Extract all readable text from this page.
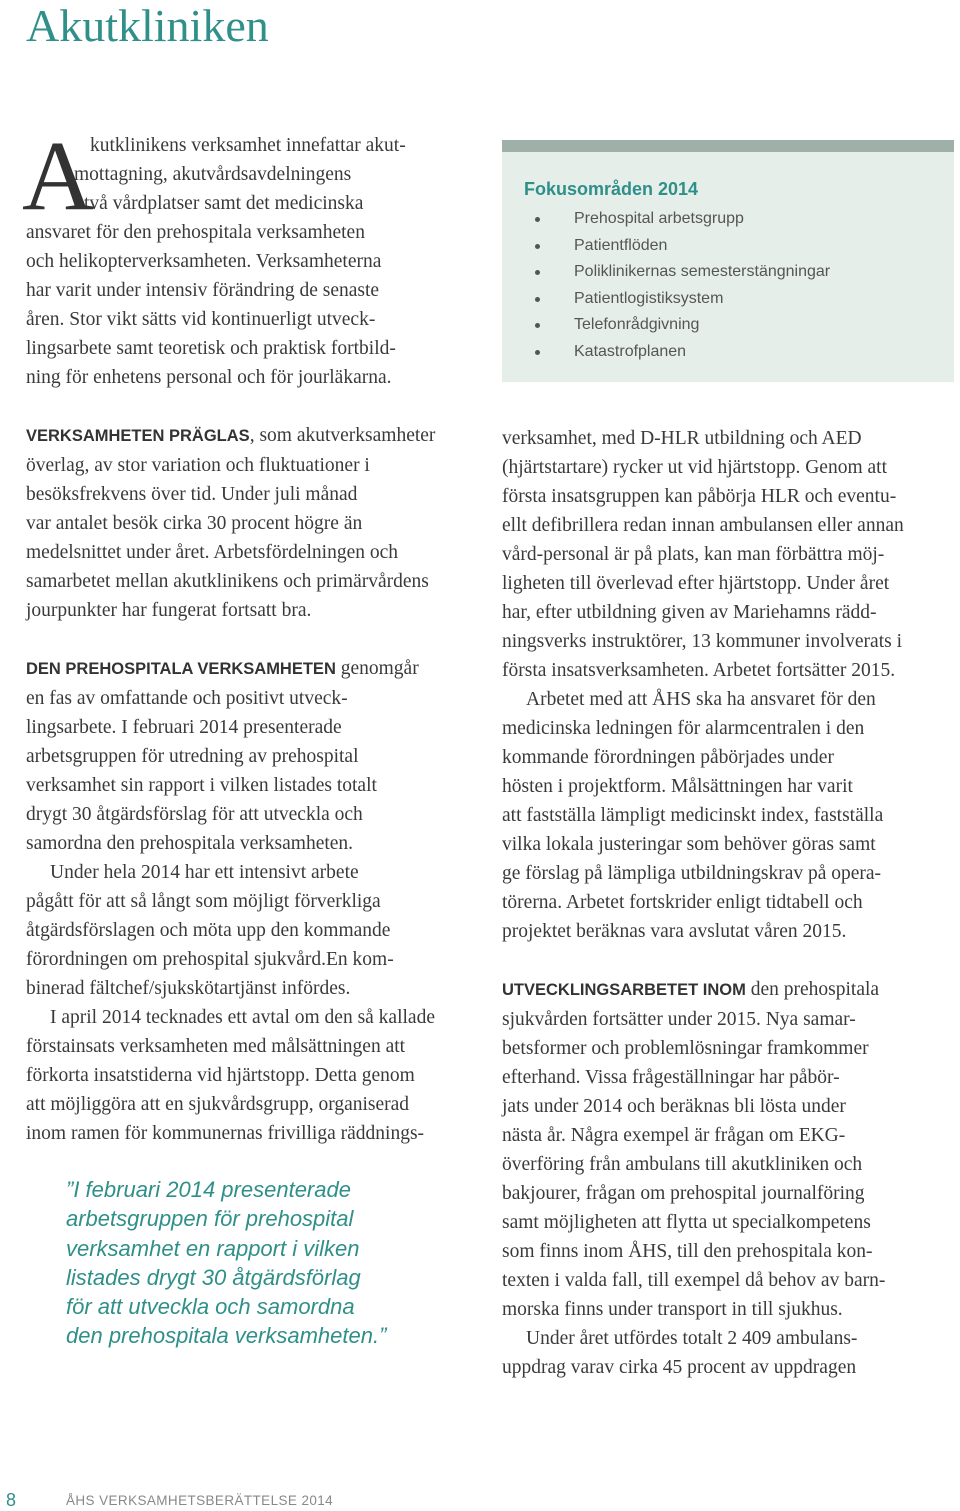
Akutkliniken
A
kutklinikens verksamhet innefattar akut-
mottagning, akutvårdsavdelningens
två vårdplatser samt det medicinska
ansvaret för den prehospitala verksamheten
och helikopterverksamheten. Verksamheterna
har varit under intensiv förändring de senaste
åren. Stor vikt sätts vid kontinuerligt utveck-
lingsarbete samt teoretisk och praktisk fortbild-
ning för enhetens personal och för jourläkarna.
Fokusområden 2014
Prehospital arbetsgrupp
Patientflöden
Poliklinikernas semesterstängningar
Patientlogistiksystem
Telefonrådgivning
Katastrofplanen

VERKSAMHETEN PRÄGLAS, som akutverksamheter
överlag, av stor variation och fluktuationer i
besöksfrekvens över tid. Under juli månad
var antalet besök cirka 30 procent högre än
medelsnittet under året. Arbetsfördelningen och
samarbetet mellan akutklinikens och primärvårdens
jourpunkter har fungerat fortsatt bra.

DEN PREHOSPITALA VERKSAMHETEN genomgår
en fas av omfattande och positivt utveck-
lingsarbete. I februari 2014 presenterade
arbetsgruppen för utredning av prehospital
verksamhet sin rapport i vilken listades totalt
drygt 30 åtgärdsförslag för att utveckla och
samordna den prehospitala verksamheten.

Under hela 2014 har ett intensivt arbete
pågått för att så långt som möjligt förverkliga
åtgärdsförslagen och möta upp den kommande
förordningen om prehospital sjukvård.En kom-
binerad fältchef/sjukskötartjänst infördes.

I april 2014 tecknades ett avtal om den så kallade
förstainsats verksamheten med målsättningen att
förkorta insatstiderna vid hjärtstopp. Detta genom
att möjliggöra att en sjukvårdsgrupp, organiserad
inom ramen för kommunernas frivilliga räddnings-

”I februari 2014 presenterade
arbetsgruppen för prehospital
verksamhet en rapport i vilken
listades drygt 30 åtgärdsförlag
för att utveckla och samordna
den prehospitala verksamheten.”

verksamhet, med D-HLR utbildning och AED
(hjärtstartare) rycker ut vid hjärtstopp. Genom att
första insatsgruppen kan påbörja HLR och eventu-
ellt defibrillera redan innan ambulansen eller annan
vård-personal är på plats, kan man förbättra möj-
ligheten till överlevad efter hjärtstopp. Under året
har, efter utbildning given av Mariehamns rädd-
ningsverks instruktörer, 13 kommuner involverats i
första insatsverksamheten. Arbetet fortsätter 2015.

Arbetet med att ÅHS ska ha ansvaret för den
medicinska ledningen för alarmcentralen i den
kommande förordningen påbörjades under
hösten i projektform. Målsättningen har varit
att fastställa lämpligt medicinskt index, fastställa
vilka lokala justeringar som behöver göras samt
ge förslag på lämpliga utbildningskrav på opera-
törerna. Arbetet fortskrider enligt tidtabell och
projektet beräknas vara avslutat våren 2015.

UTVECKLINGSARBETET INOM den prehospitala
sjukvården fortsätter under 2015. Nya samar-
betsformer och problemlösningar framkommer
efterhand. Vissa frågeställningar har påbör-
jats under 2014 och beräknas bli lösta under
nästa år. Några exempel är frågan om EKG-
överföring från ambulans till akutkliniken och
bakjourer, frågan om prehospital journalföring
samt möjligheten att flytta ut specialkompetens
som finns inom ÅHS, till den prehospitala kon-
texten i valda fall, till exempel då behov av barn-
morska finns under transport in till sjukhus.

Under året utfördes totalt 2 409 ambulans-
uppdrag varav cirka 45 procent av uppdragen

8	ÅHS VERKSAMHETSBERÄTTELSE 2014
